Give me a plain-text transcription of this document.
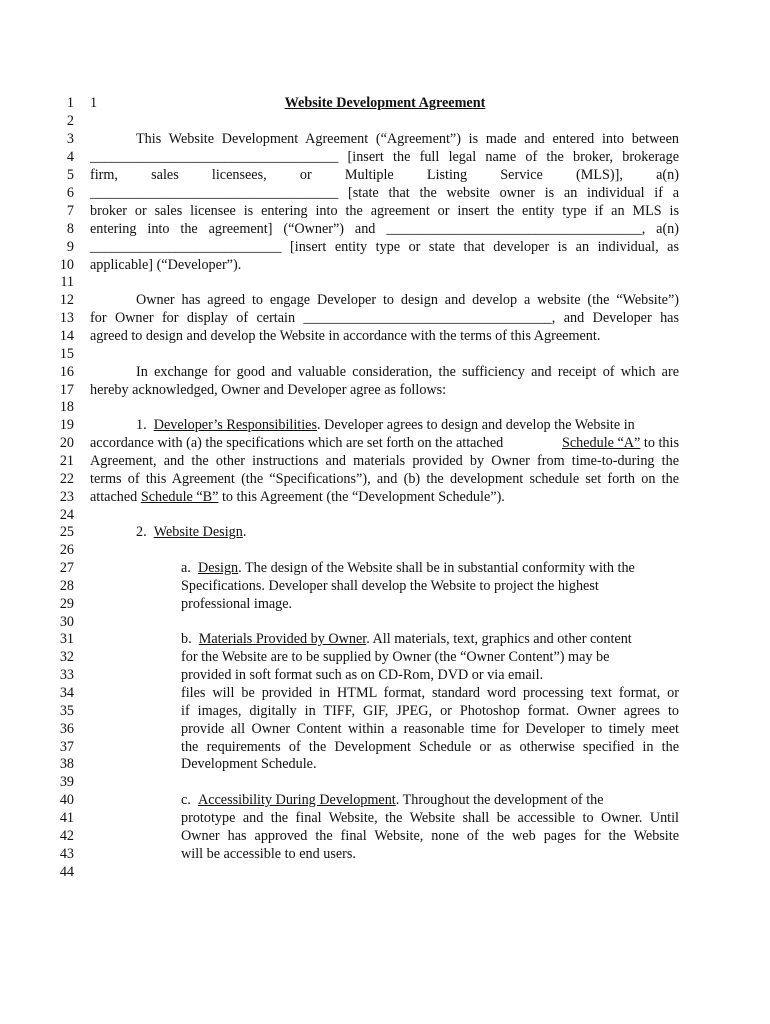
1
2
3
4
5
6
7
8
9
10
11
12
13
14
15
16
17
18
19
20
21
22
23
24
25
26
27
28
29
30
31
32
33
34
35
36
37
38
39
40
41
42
43
44
1	Website Development Agreement
This Website Development Agreement (“Agreement”) is made and entered into between
___________________________________ [insert the full legal name of the broker, brokerage
firm, sales licensees, or Multiple Listing Service (MLS)], a(n)
___________________________________ [state that the website owner is an individual if a
broker or sales licensee is entering into the agreement or insert the entity type if an MLS is
entering into the agreement] (“Owner”) and ____________________________________, a(n)
___________________________ [insert entity type or state that developer is an individual, as
applicable] (“Developer”).
Owner has agreed to engage Developer to design and develop a website (the “Website”)
for Owner for display of certain ___________________________________, and Developer has
agreed to design and develop the Website in accordance with the terms of this Agreement.
In exchange for good and valuable consideration, the sufficiency and receipt of which are
hereby acknowledged, Owner and Developer agree as follows:
1. Developer’s Responsibilities. Developer agrees to design and develop the Website in
accordance with (a) the specifications which are set forth on the attached	Schedule “A” to this
Agreement, and the other instructions and materials provided by Owner from time-to-during the
terms of this Agreement (the “Specifications”), and (b) the development schedule set forth on the
attached Schedule “B” to this Agreement (the “Development Schedule”).
2. Website Design.
a. Design. The design of the Website shall be in substantial conformity with the
Specifications. Developer shall develop the Website to project the highest
professional image.
b. Materials Provided by Owner. All materials, text, graphics and other content
for the Website are to be supplied by Owner (the “Owner Content”) may be
provided in soft format such as on CD-Rom, DVD or via email.
files will be provided in HTML format, standard word processing text format, or
if images, digitally in TIFF, GIF, JPEG, or Photoshop format. Owner agrees to
provide all Owner Content within a reasonable time for Developer to timely meet
the requirements of the Development Schedule or as otherwise specified in the
Development Schedule.
c. Accessibility During Development. Throughout the development of the
prototype and the final Website, the Website shall be accessible to Owner. Until
Owner has approved the final Website, none of the web pages for the Website
will be accessible to end users.
